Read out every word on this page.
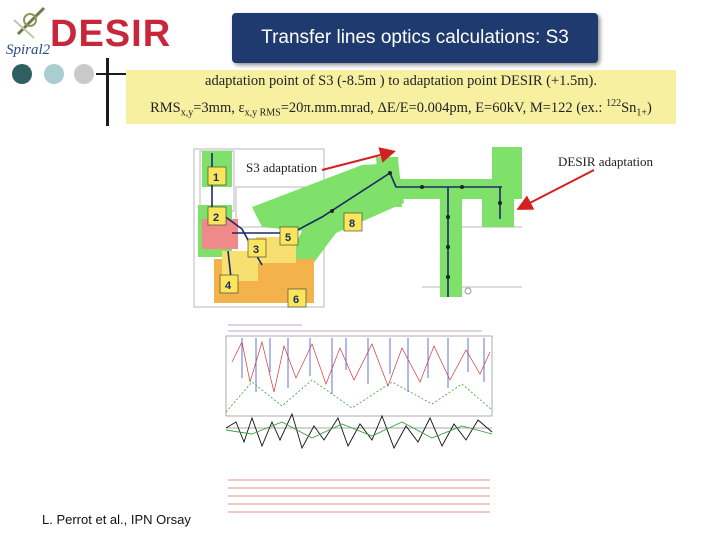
Spiral2 DESIR	Transfer lines optics calculations: S3
adaptation point of S3 (-8.5m ) to adaptation point DESIR (+1.5m).
$RMS_{x,y}=3mm$, $\varepsilon_{x,y RMS}=20\pi.mm.mrad$, ΔE/E=0.004pm, E=60kV, M=122 (ex.: $^{122}Sn_{1+}$)
1
2
3
4
5
6
8
S3 adaptation	DESIR adaptation
L. Perrot et al., IPN Orsay
